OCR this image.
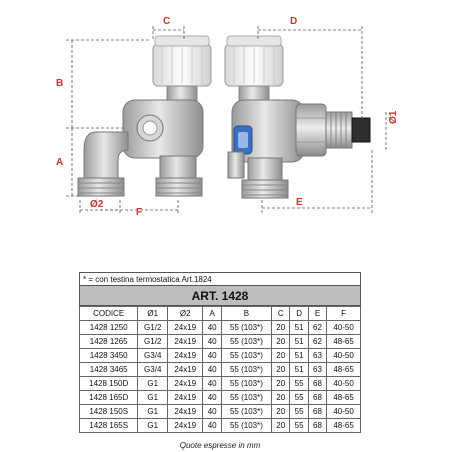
C	D
B
A
Ø2
F
E
Ø1
* = con testina termostatica Art.1824
ART. 1428
CODICE	Ø1	Ø2	A	B	C	D	E	F
1428 1250	G1/2	24x19	40	55 (103*)	20	51	62	40-50
1428 1265	G1/2	24x19	40	55 (103*)	20	51	62	48-65
1428 3450	G3/4	24x19	40	55 (103*)	20	51	63	40-50
1428 3465	G3/4	24x19	40	55 (103*)	20	51	63	48-65
1428 150D	G1	24x19	40	55 (103*)	20	55	68	40-50
1428 165D	G1	24x19	40	55 (103*)	20	55	68	48-65
1428 150S	G1	24x19	40	55 (103*)	20	55	68	40-50
1428 165S	G1	24x19	40	55 (103*)	20	55	68	48-65
Quote espresse in mm
